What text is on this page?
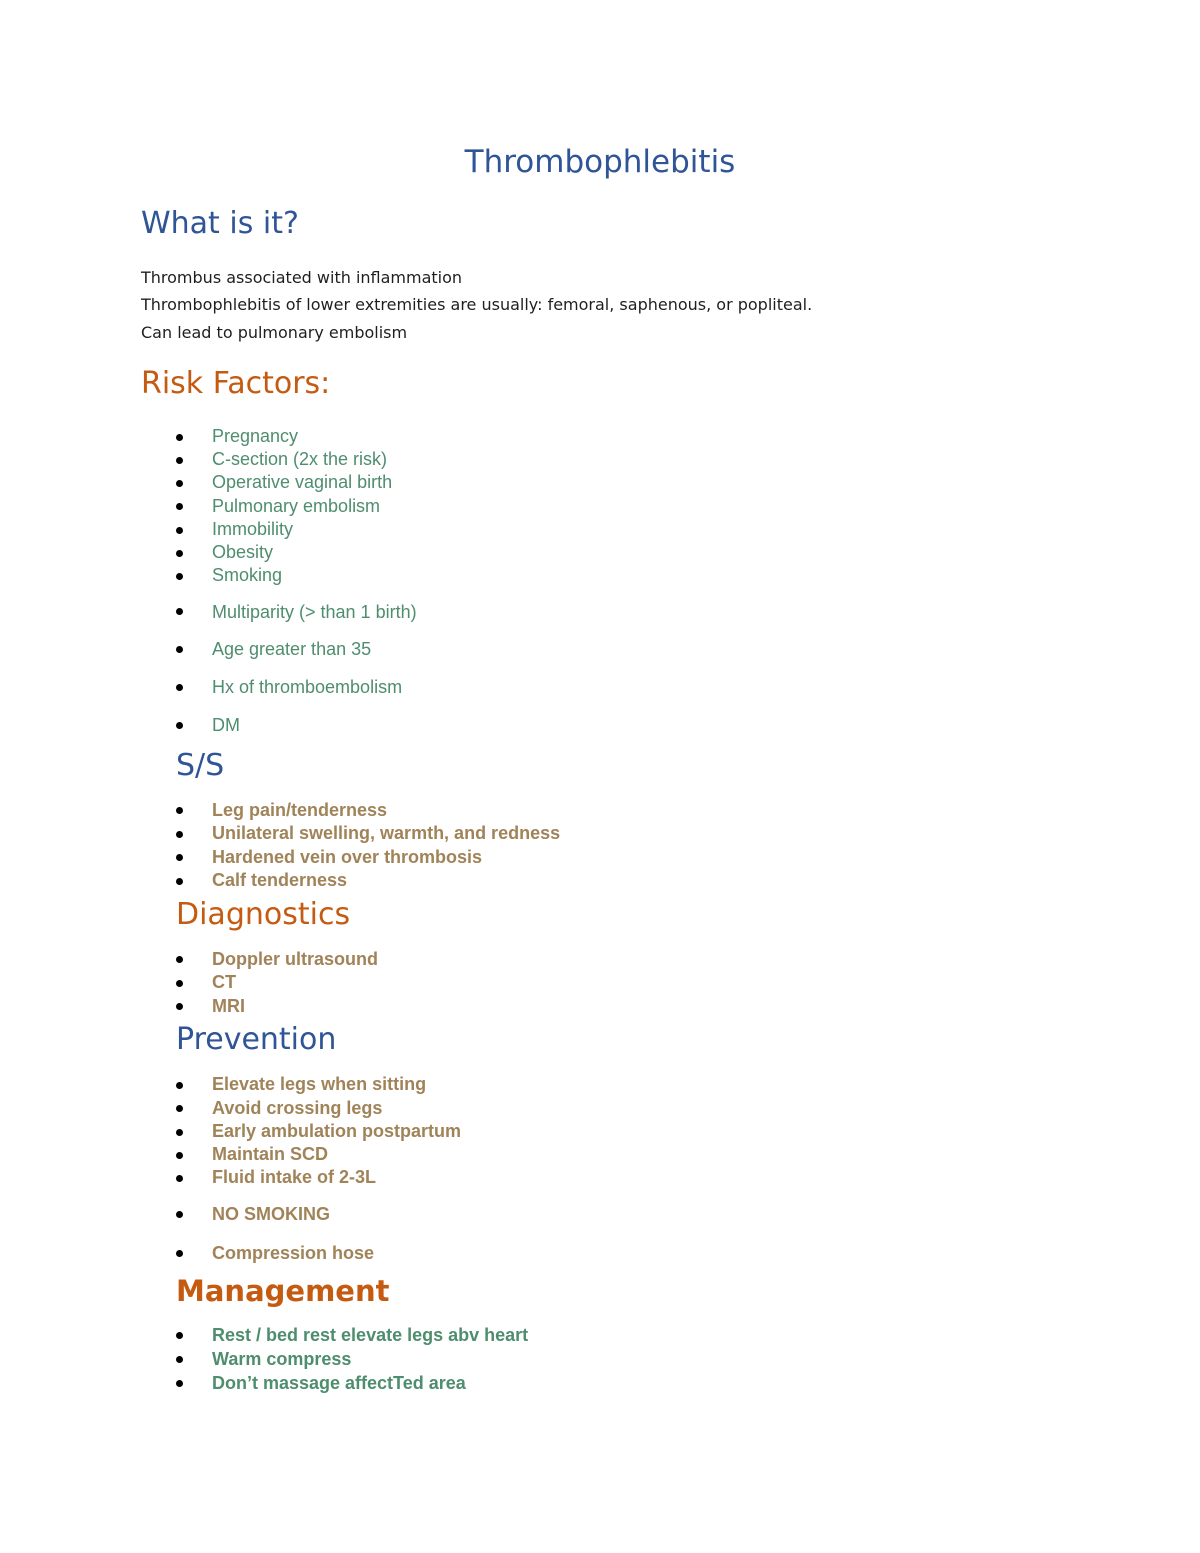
Thrombophlebitis
What is it?

Thrombus associated with inflammation

Thrombophlebitis of lower extremities are usually: femoral, saphenous, or popliteal.

Can lead to pulmonary embolism

Risk Factors:
Pregnancy
C-section (2x the risk)
Operative vaginal birth
Pulmonary embolism
Immobility
Obesity
Smoking
Multiparity (> than 1 birth)
Age greater than 35
Hx of thromboembolism
DM
S/S
Leg pain/tenderness
Unilateral swelling, warmth, and redness
Hardened vein over thrombosis
Calf tenderness
Diagnostics
Doppler ultrasound
CT
MRI
Prevention
Elevate legs when sitting
Avoid crossing legs
Early ambulation postpartum
Maintain SCD
Fluid intake of 2-3L
NO SMOKING
Compression hose
Management
Rest / bed rest elevate legs abv heart
Warm compress
Don’t massage affectTed area
